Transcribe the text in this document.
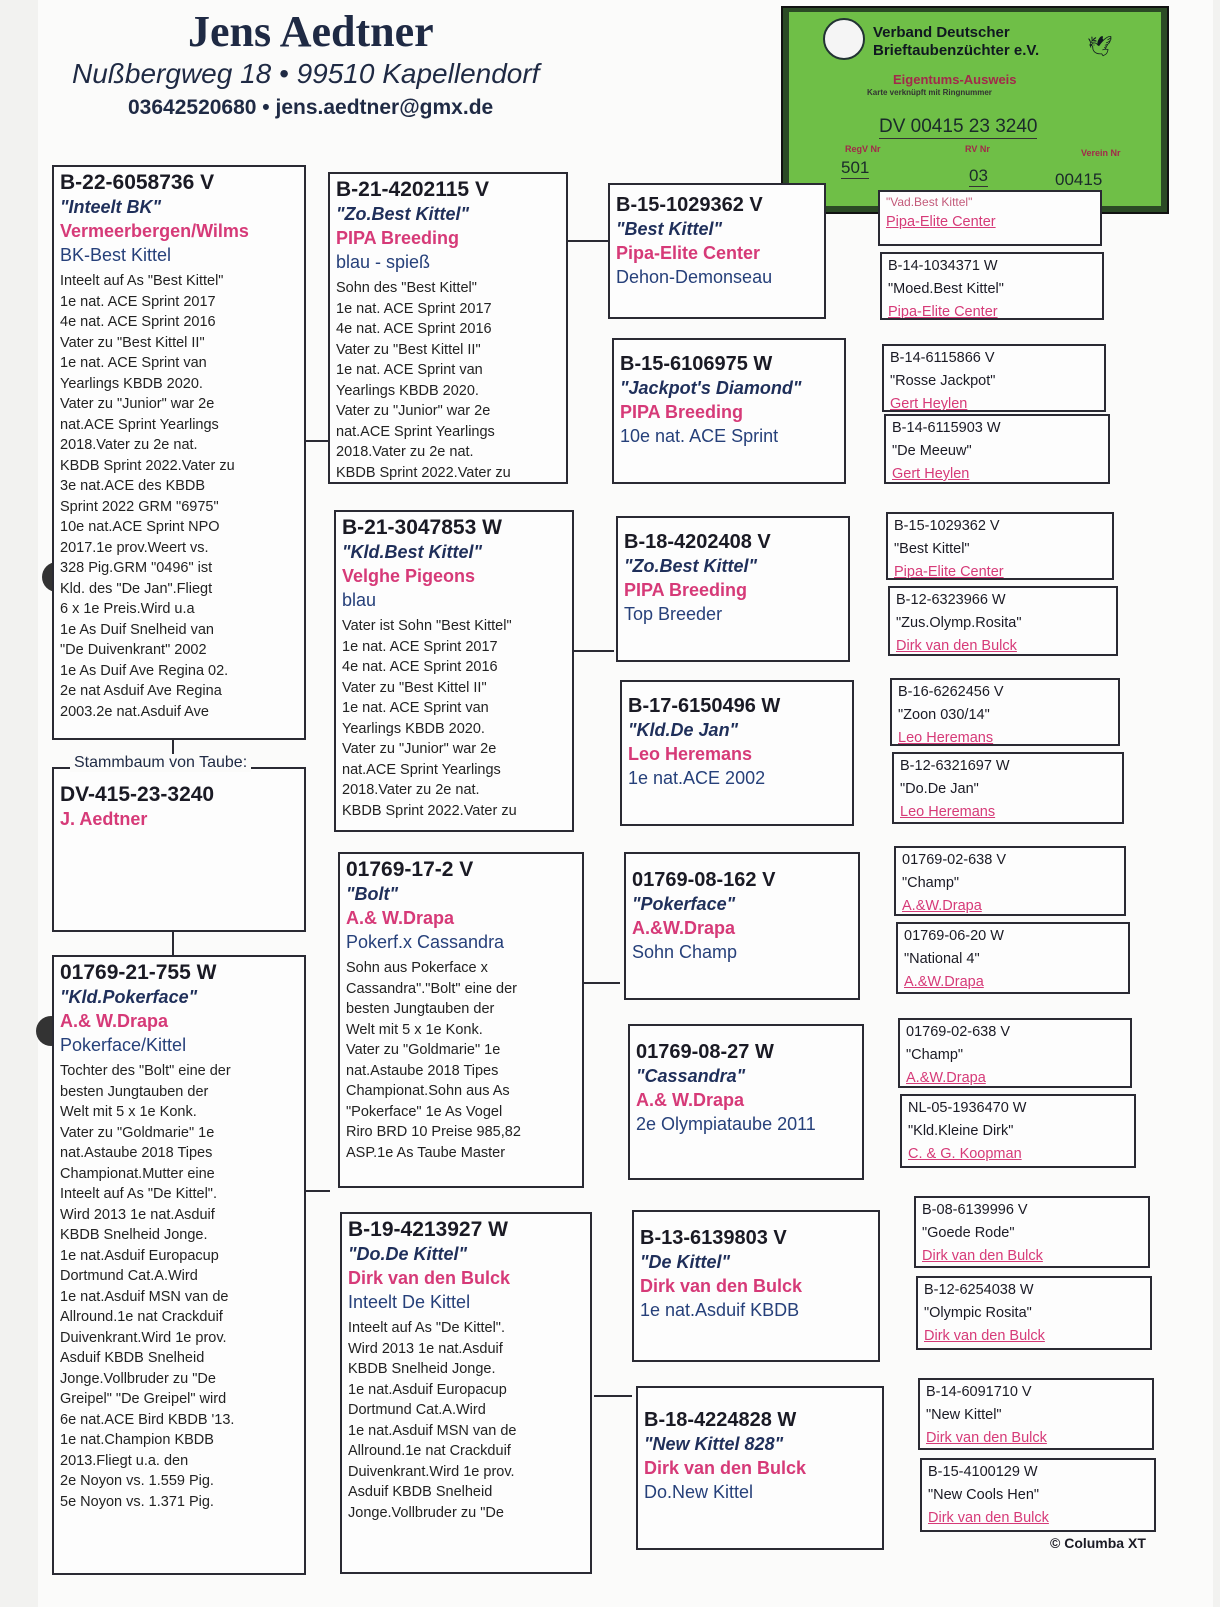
Jens Aedtner
Nußbergweg 18 • 99510 Kapellendorf
03642520680 • jens.aedtner@gmx.de
Verband Deutscher
Brieftaubenzüchter e.V. 🕊
Eigentums-Ausweis
Karte verknüpft mit Ringnummer
DV 00415 23 3240
RegV Nr	RV Nr	Verein Nr
501	03	00415
B-22-6058736 V
"Inteelt BK"
Vermeerbergen/Wilms
BK-Best Kittel
Inteelt auf As "Best Kittel"
1e nat. ACE Sprint 2017
4e nat. ACE Sprint 2016
Vater zu "Best Kittel II"
1e nat. ACE Sprint van
Yearlings KBDB 2020.
Vater zu "Junior" war 2e
nat.ACE Sprint Yearlings
2018.Vater zu 2e nat.
KBDB Sprint 2022.Vater zu
3e nat.ACE des KBDB
Sprint 2022 GRM "6975"
10e nat.ACE Sprint NPO
2017.1e prov.Weert vs.
328 Pig.GRM "0496" ist
Kld. des "De Jan".Fliegt
6 x 1e Preis.Wird u.a
1e As Duif Snelheid van
"De Duivenkrant" 2002
1e As Duif Ave Regina 02.
2e nat Asduif Ave Regina
2003.2e nat.Asduif Ave
DV-415-23-3240
J. Aedtner
Stammbaum von Taube:
01769-21-755 W
"Kld.Pokerface"
A.& W.Drapa
Pokerface/Kittel
Tochter des "Bolt" eine der
besten Jungtauben der
Welt mit 5 x 1e Konk.
Vater zu "Goldmarie" 1e
nat.Astaube 2018 Tipes
Championat.Mutter eine
Inteelt auf As "De Kittel".
Wird 2013 1e nat.Asduif
KBDB Snelheid Jonge.
1e nat.Asduif Europacup
Dortmund Cat.A.Wird
1e nat.Asduif MSN van de
Allround.1e nat Crackduif
Duivenkrant.Wird 1e prov.
Asduif KBDB Snelheid
Jonge.Vollbruder zu "De
Greipel" "De Greipel" wird
6e nat.ACE Bird KBDB '13.
1e nat.Champion KBDB
2013.Fliegt u.a. den
2e Noyon vs. 1.559 Pig.
5e Noyon vs. 1.371 Pig.
B-21-4202115 V
"Zo.Best Kittel"
PIPA Breeding
blau - spieß
Sohn des "Best Kittel"
1e nat. ACE Sprint 2017
4e nat. ACE Sprint 2016
Vater zu "Best Kittel II"
1e nat. ACE Sprint van
Yearlings KBDB 2020.
Vater zu "Junior" war 2e
nat.ACE Sprint Yearlings
2018.Vater zu 2e nat.
KBDB Sprint 2022.Vater zu
B-21-3047853 W
"Kld.Best Kittel"
Velghe Pigeons
blau
Vater ist Sohn "Best Kittel"
1e nat. ACE Sprint 2017
4e nat. ACE Sprint 2016
Vater zu "Best Kittel II"
1e nat. ACE Sprint van
Yearlings KBDB 2020.
Vater zu "Junior" war 2e
nat.ACE Sprint Yearlings
2018.Vater zu 2e nat.
KBDB Sprint 2022.Vater zu
01769-17-2 V
"Bolt"
A.& W.Drapa
Pokerf.x Cassandra
Sohn aus Pokerface x
Cassandra"."Bolt" eine der
besten Jungtauben der
Welt mit 5 x 1e Konk.
Vater zu "Goldmarie" 1e
nat.Astaube 2018 Tipes
Championat.Sohn aus As
"Pokerface" 1e As Vogel
Riro BRD 10 Preise 985,82
ASP.1e As Taube Master
B-19-4213927 W
"Do.De Kittel"
Dirk van den Bulck
Inteelt De Kittel
Inteelt auf As "De Kittel".
Wird 2013 1e nat.Asduif
KBDB Snelheid Jonge.
1e nat.Asduif Europacup
Dortmund Cat.A.Wird
1e nat.Asduif MSN van de
Allround.1e nat Crackduif
Duivenkrant.Wird 1e prov.
Asduif KBDB Snelheid
Jonge.Vollbruder zu "De
B-15-1029362 V
"Best Kittel"
Pipa-Elite Center
Dehon-Demonseau
B-15-6106975 W
"Jackpot's Diamond"
PIPA Breeding
10e nat. ACE Sprint
B-18-4202408 V
"Zo.Best Kittel"
PIPA Breeding
Top Breeder
B-17-6150496 W
"Kld.De Jan"
Leo Heremans
1e nat.ACE 2002
01769-08-162 V
"Pokerface"
A.&W.Drapa
Sohn Champ
01769-08-27 W
"Cassandra"
A.& W.Drapa
2e Olympiataube 2011
B-13-6139803 V
"De Kittel"
Dirk van den Bulck
1e nat.Asduif KBDB
B-18-4224828 W
"New Kittel 828"
Dirk van den Bulck
Do.New Kittel
"Vad.Best Kittel"
Pipa-Elite Center
B-14-1034371 W
"Moed.Best Kittel"
Pipa-Elite Center
B-14-6115866 V
"Rosse Jackpot"
Gert Heylen
B-14-6115903 W
"De Meeuw"
Gert Heylen
B-15-1029362 V
"Best Kittel"
Pipa-Elite Center
B-12-6323966 W
"Zus.Olymp.Rosita"
Dirk van den Bulck
B-16-6262456 V
"Zoon 030/14"
Leo Heremans
B-12-6321697 W
"Do.De Jan"
Leo Heremans
01769-02-638 V
"Champ"
A.&W.Drapa
01769-06-20 W
"National 4"
A.&W.Drapa
01769-02-638 V
"Champ"
A.&W.Drapa
NL-05-1936470 W
"Kld.Kleine Dirk"
C. & G. Koopman
B-08-6139996 V
"Goede Rode"
Dirk van den Bulck
B-12-6254038 W
"Olympic Rosita"
Dirk van den Bulck
B-14-6091710 V
"New Kittel"
Dirk van den Bulck
B-15-4100129 W
"New Cools Hen"
Dirk van den Bulck
© Columba XT
